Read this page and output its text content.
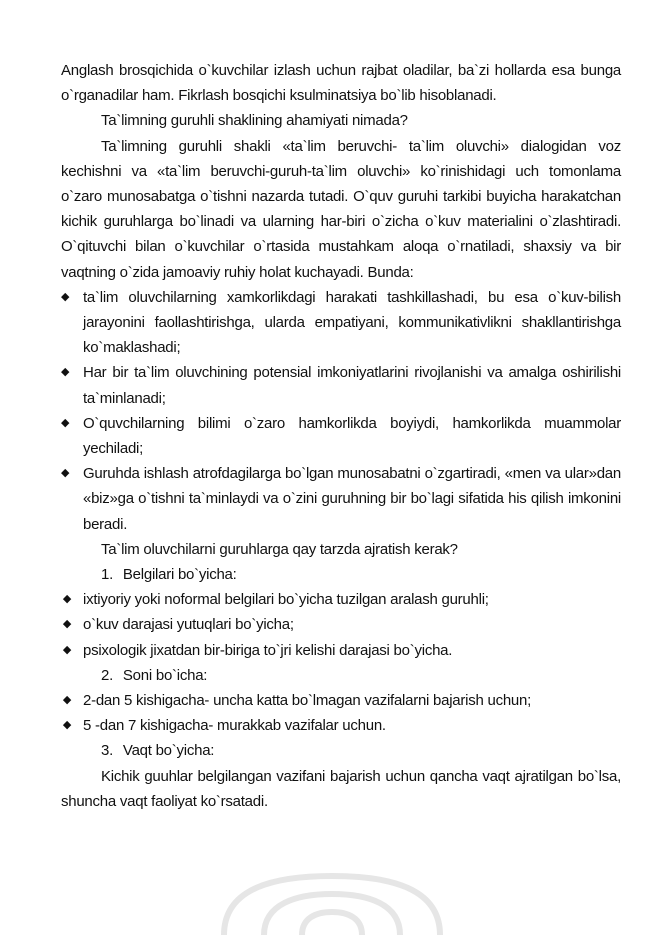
Anglash brosqichida o`kuvchilar izlash uchun rajbat oladilar, ba`zi hollarda esa bunga o`rganadilar ham. Fikrlash bosqichi ksulminatsiya bo`lib hisoblanadi.

Ta`limning guruhli shaklining ahamiyati nimada?

Ta`limning guruhli shakli «ta`lim beruvchi- ta`lim oluvchi» dialogidan voz kechishni va «ta`lim beruvchi-guruh-ta`lim oluvchi» ko`rinishidagi uch tomonlama o`zaro munosabatga o`tishni nazarda tutadi. O`quv guruhi tarkibi buyicha harakatchan kichik guruhlarga bo`linadi va ularning har-biri o`zicha o`kuv materialini o`zlashtiradi. O`qituvchi bilan o`kuvchilar o`rtasida mustahkam aloqa o`rnatiladi, shaxsiy va bir vaqtning o`zida jamoaviy ruhiy holat kuchayadi. Bunda:

◆ ta`lim oluvchilarning xamkorlikdagi harakati tashkillashadi, bu esa o`kuv-bilish jarayonini faollashtirishga, ularda empatiyani, kommunikativlikni shakllantirishga ko`maklashadi;

◆ Har bir ta`lim oluvchining potensial imkoniyatlarini rivojlanishi va amalga oshirilishi ta`minlanadi;

◆ O`quvchilarning bilimi o`zaro hamkorlikda boyiydi, hamkorlikda muammolar yechiladi;

◆ Guruhda ishlash atrofdagilarga bo`lgan munosabatni o`zgartiradi, «men va ular»dan «biz»ga o`tishni ta`minlaydi va o`zini guruhning bir bo`lagi sifatida his qilish imkonini beradi.

Ta`lim oluvchilarni guruhlarga qay tarzda ajratish kerak?

1. Belgilari bo`yicha:

◆ ixtiyoriy yoki noformal belgilari bo`yicha tuzilgan aralash guruhli;

◆ o`kuv darajasi yutuqlari bo`yicha;

◆ psixologik jixatdan bir-biriga to`jri kelishi darajasi bo`yicha.

2. Soni bo`icha:

◆ 2-dan 5 kishigacha- uncha katta bo`lmagan vazifalarni bajarish uchun;

◆ 5 -dan 7 kishigacha- murakkab vazifalar uchun.

3. Vaqt bo`yicha:

Kichik guuhlar belgilangan vazifani bajarish uchun qancha vaqt ajratilgan bo`lsa, shuncha vaqt faoliyat ko`rsatadi.
